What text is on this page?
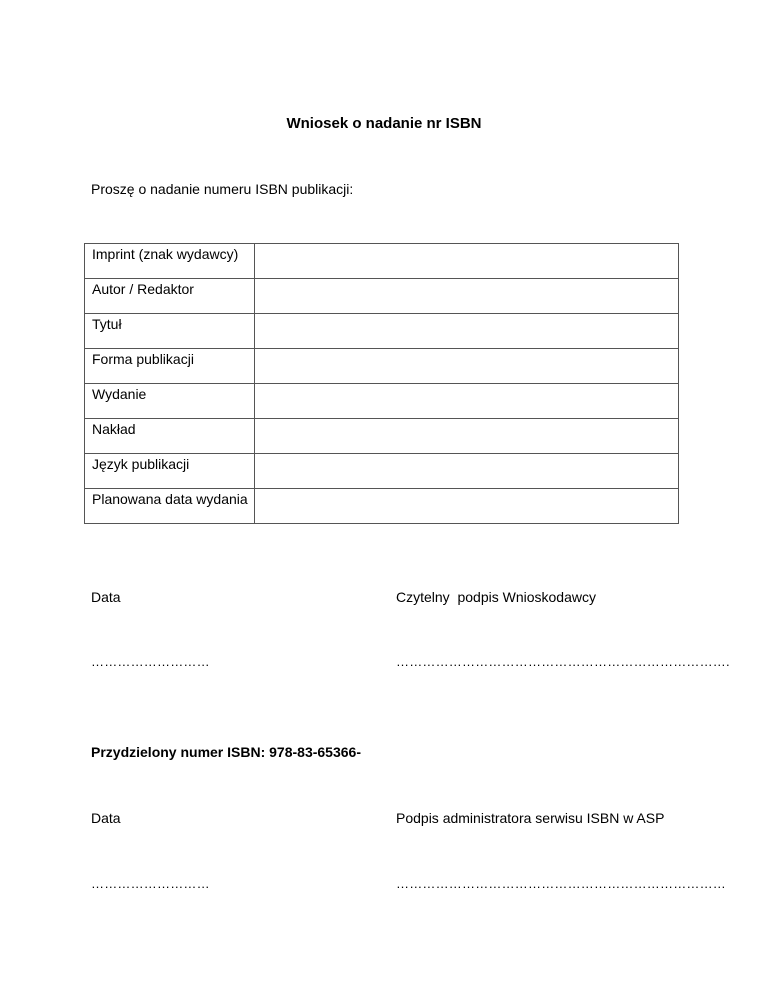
Wniosek o nadanie nr ISBN
Proszę o nadanie numeru ISBN publikacji:
Imprint (znak wydawcy)	
Autor / Redaktor	
Tytuł	
Forma publikacji	
Wydanie	
Nakład	
Język publikacji	
Planowana data wydania	
Data	Czytelny  podpis Wnioskodawcy
………………………	………………………………………………………………….
Przydzielony numer ISBN: 978-83-65366-
Data	Podpis administratora serwisu ISBN w ASP
………………………	…………………………………………………………………
